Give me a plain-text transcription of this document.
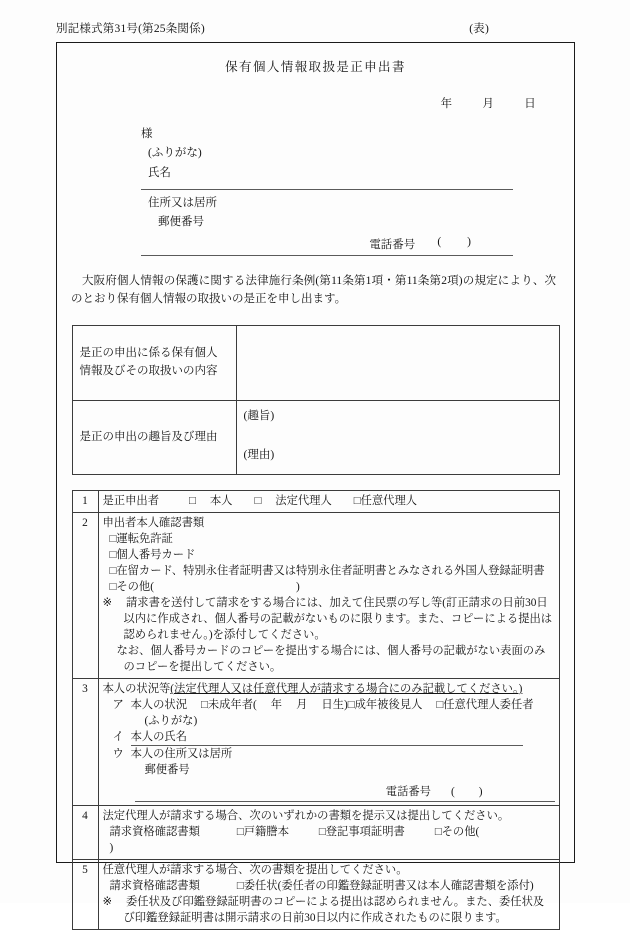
別記様式第31号(第25条関係)	(表)
保有個人情報取扱是正申出書
年	月	日
様
(ふりがな)
氏名
住所又は居所
郵便番号
電話番号 ( )
大阪府個人情報の保護に関する法律施行条例(第11条第1項・第11条第2項)の規定により、次のとおり保有個人情報の取扱いの是正を申し出ます。
是正の申出に係る保有個人情報及びその取扱いの内容	
是正の申出の趣旨及び理由	(趣旨)
(理由)
1	是正申出者 □ 本人 □ 法定代理人 □任意代理人
2	申出者本人確認書類
□運転免許証
□個人番号カード
□在留カード、特別永住者証明書又は特別永住者証明書とみなされる外国人登録証明書
□その他(	)
※ 請求書を送付して請求をする場合には、加えて住民票の写し等(訂正請求の日前30日以内に作成され、個人番号の記載がないものに限ります。また、コピーによる提出は認められません。)を添付してください。
なお、個人番号カードのコピーを提出する場合には、個人番号の記載がない表面のみのコピーを提出してください。

3	本人の状況等(法定代理人又は任意代理人が請求する場合にのみ記載してください。)
ア 本人の状況 □未成年者( 年 月 日生)□成年被後見人 □任意代理人委任者
(ふりがな)
イ 本人の氏名
ウ 本人の住所又は居所
郵便番号
電話番号 ( )

4	法定代理人が請求する場合、次のいずれかの書類を提示又は提出してください。
請求資格確認書類 □戸籍謄本 □登記事項証明書 □その他()

5	任意代理人が請求する場合、次の書類を提出してください。
請求資格確認書類 □委任状(委任者の印鑑登録証明書又は本人確認書類を添付)
※ 委任状及び印鑑登録証明書のコピーによる提出は認められません。また、委任状及び印鑑登録証明書は開示請求の日前30日以内に作成されたものに限ります。
